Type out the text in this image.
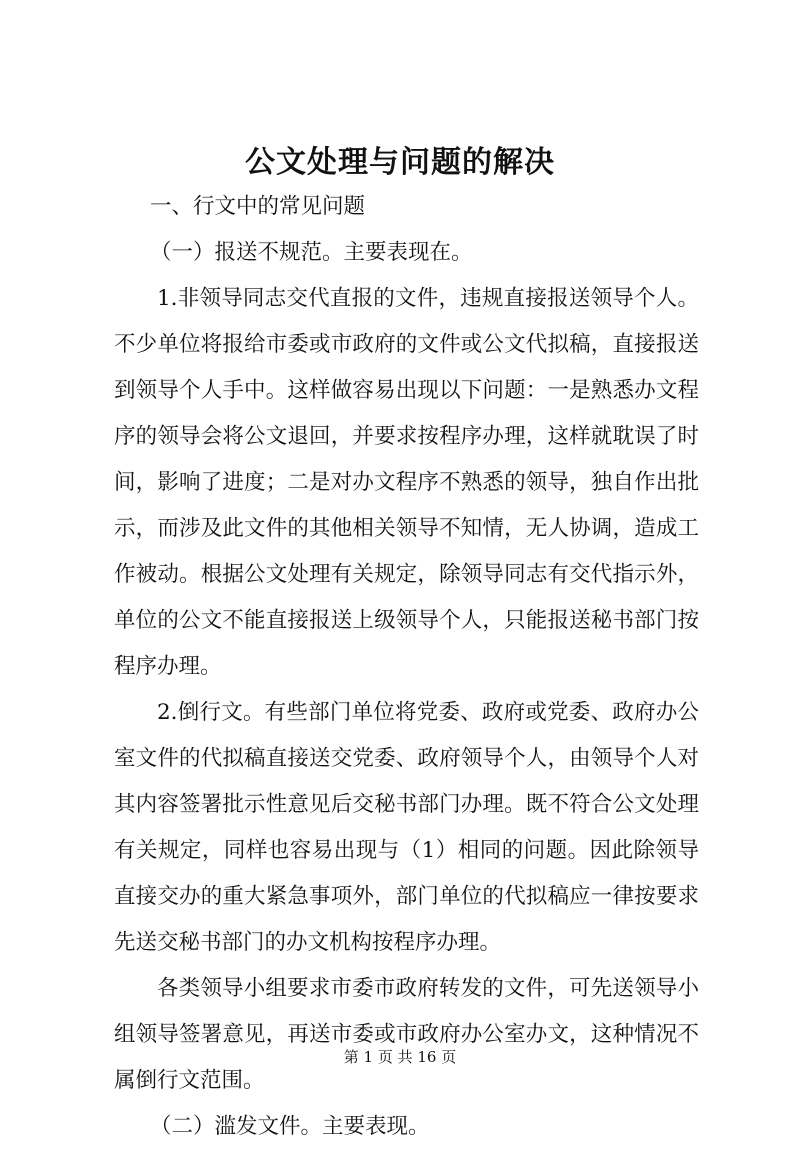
公文处理与问题的解决

一、行文中的常见问题

（一）报送不规范。主要表现在。

1.非领导同志交代直报的文件，违规直接报送领导个人。不少单位将报给市委或市政府的文件或公文代拟稿，直接报送到领导个人手中。这样做容易出现以下问题：一是熟悉办文程序的领导会将公文退回，并要求按程序办理，这样就耽误了时间，影响了进度；二是对办文程序不熟悉的领导，独自作出批示，而涉及此文件的其他相关领导不知情，无人协调，造成工作被动。根据公文处理有关规定，除领导同志有交代指示外，单位的公文不能直接报送上级领导个人，只能报送秘书部门按程序办理。

2.倒行文。有些部门单位将党委、政府或党委、政府办公室文件的代拟稿直接送交党委、政府领导个人，由领导个人对其内容签署批示性意见后交秘书部门办理。既不符合公文处理有关规定，同样也容易出现与（1）相同的问题。因此除领导直接交办的重大紧急事项外，部门单位的代拟稿应一律按要求先送交秘书部门的办文机构按程序办理。

各类领导小组要求市委市政府转发的文件，可先送领导小组领导签署意见，再送市委或市政府办公室办文，这种情况不属倒行文范围。

（二）滥发文件。主要表现。

第 1 页 共 16 页
